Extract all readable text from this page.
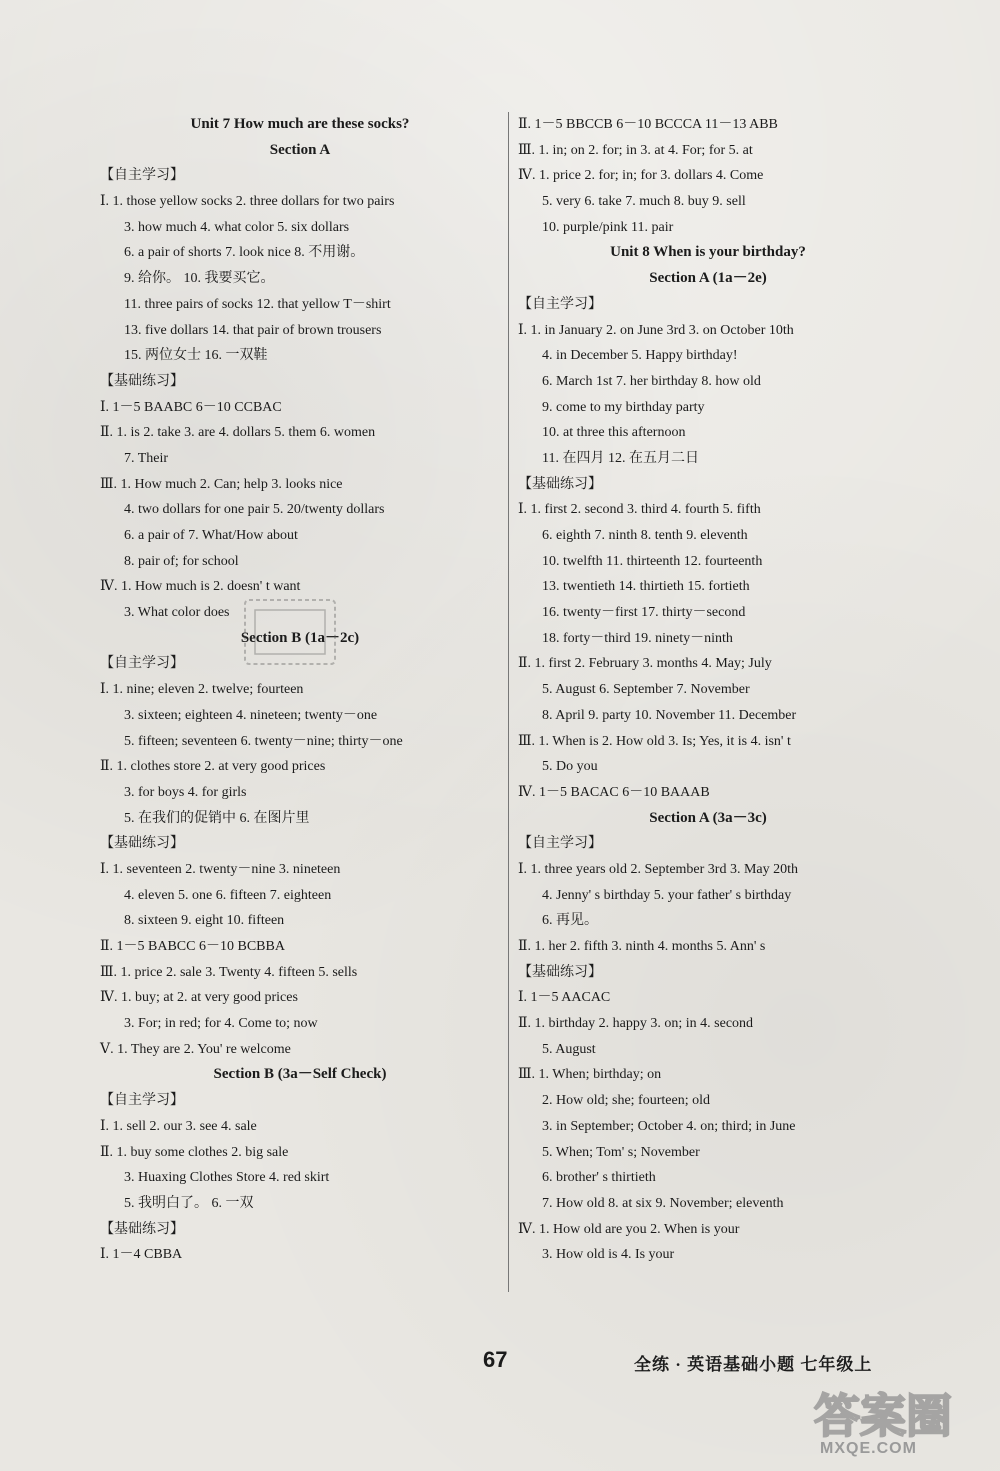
Unit 7 How much are these socks?
Section A
【自主学习】
Ⅰ. 1. those yellow socks 2. three dollars for two pairs
3. how much 4. what color 5. six dollars
6. a pair of shorts 7. look nice 8. 不用谢。
9. 给你。 10. 我要买它。
11. three pairs of socks 12. that yellow T－shirt
13. five dollars 14. that pair of brown trousers
15. 两位女士 16. 一双鞋
【基础练习】
Ⅰ. 1－5 BAABC 6－10 CCBAC
Ⅱ. 1. is 2. take 3. are 4. dollars 5. them 6. women
7. Their
Ⅲ. 1. How much 2. Can; help 3. looks nice
4. two dollars for one pair 5. 20/twenty dollars
6. a pair of 7. What/How about
8. pair of; for school
Ⅳ. 1. How much is 2. doesn' t want
3. What color does
Section B (1a－2c)
【自主学习】
Ⅰ. 1. nine; eleven 2. twelve; fourteen
3. sixteen; eighteen 4. nineteen; twenty－one
5. fifteen; seventeen 6. twenty－nine; thirty－one
Ⅱ. 1. clothes store 2. at very good prices
3. for boys 4. for girls
5. 在我们的促销中 6. 在图片里
【基础练习】
Ⅰ. 1. seventeen 2. twenty－nine 3. nineteen
4. eleven 5. one 6. fifteen 7. eighteen
8. sixteen 9. eight 10. fifteen
Ⅱ. 1－5 BABCC 6－10 BCBBA
Ⅲ. 1. price 2. sale 3. Twenty 4. fifteen 5. sells
Ⅳ. 1. buy; at 2. at very good prices
3. For; in red; for 4. Come to; now
Ⅴ. 1. They are 2. You' re welcome
Section B (3a－Self Check)
【自主学习】
Ⅰ. 1. sell 2. our 3. see 4. sale
Ⅱ. 1. buy some clothes 2. big sale
3. Huaxing Clothes Store 4. red skirt
5. 我明白了。 6. 一双
【基础练习】
Ⅰ. 1－4 CBBA
Ⅱ. 1－5 BBCCB 6－10 BCCCA 11－13 ABB
Ⅲ. 1. in; on 2. for; in 3. at 4. For; for 5. at
Ⅳ. 1. price 2. for; in; for 3. dollars 4. Come
5. very 6. take 7. much 8. buy 9. sell
10. purple/pink 11. pair
Unit 8 When is your birthday?
Section A (1a－2e)
【自主学习】
Ⅰ. 1. in January 2. on June 3rd 3. on October 10th
4. in December 5. Happy birthday!
6. March 1st 7. her birthday 8. how old
9. come to my birthday party
10. at three this afternoon
11. 在四月 12. 在五月二日
【基础练习】
Ⅰ. 1. first 2. second 3. third 4. fourth 5. fifth
6. eighth 7. ninth 8. tenth 9. eleventh
10. twelfth 11. thirteenth 12. fourteenth
13. twentieth 14. thirtieth 15. fortieth
16. twenty－first 17. thirty－second
18. forty－third 19. ninety－ninth
Ⅱ. 1. first 2. February 3. months 4. May; July
5. August 6. September 7. November
8. April 9. party 10. November 11. December
Ⅲ. 1. When is 2. How old 3. Is; Yes, it is 4. isn' t
5. Do you
Ⅳ. 1－5 BACAC 6－10 BAAAB
Section A (3a－3c)
【自主学习】
Ⅰ. 1. three years old 2. September 3rd 3. May 20th
4. Jenny' s birthday 5. your father' s birthday
6. 再见。
Ⅱ. 1. her 2. fifth 3. ninth 4. months 5. Ann' s
【基础练习】
Ⅰ. 1－5 AACAC
Ⅱ. 1. birthday 2. happy 3. on; in 4. second
5. August
Ⅲ. 1. When; birthday; on
2. How old; she; fourteen; old
3. in September; October 4. on; third; in June
5. When; Tom' s; November
6. brother' s thirtieth
7. How old 8. at six 9. November; eleventh
Ⅳ. 1. How old are you 2. When is your
3. How old is 4. Is your
67	全练 · 英语基础小题 七年级上
答案圈
MXQE.COM
